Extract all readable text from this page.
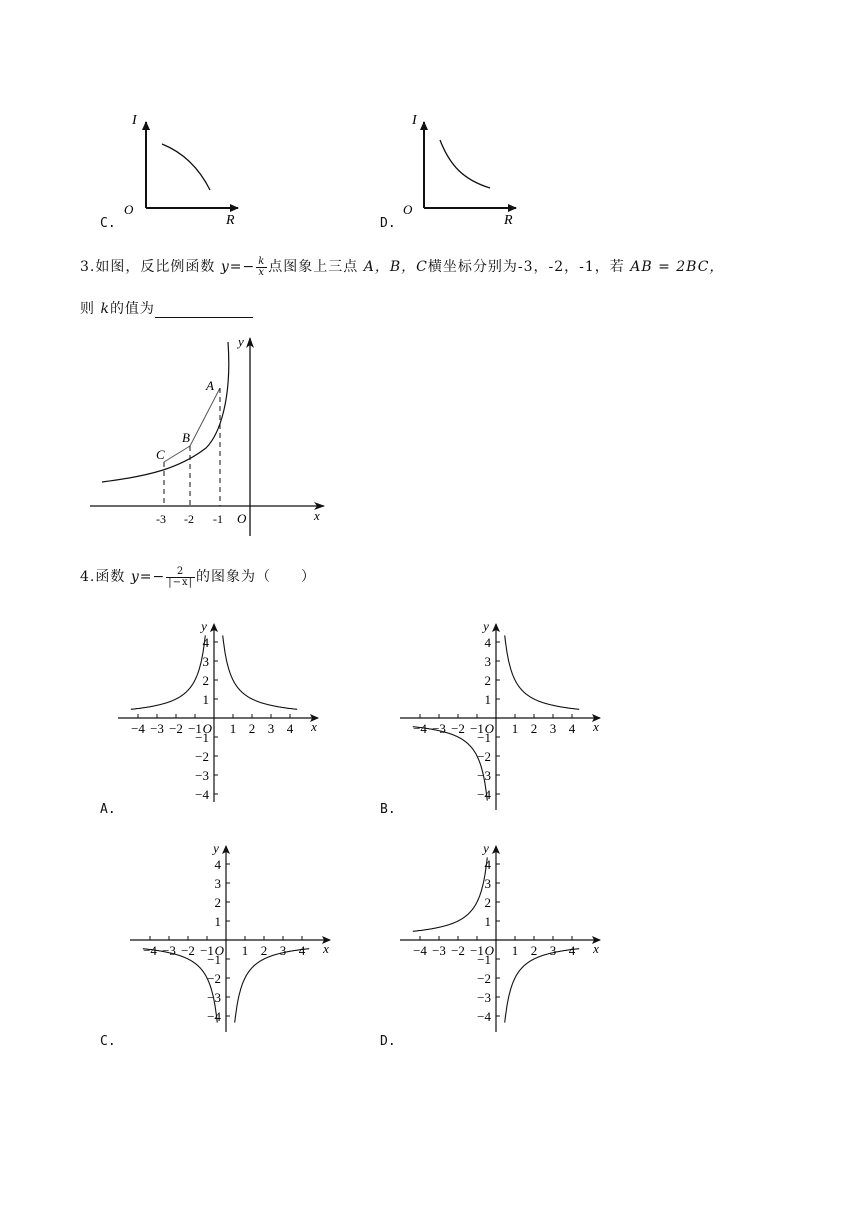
I
O
R
C.
I
O
R
D.
3.如图，反比例函数 $y=- \frac{k}{x}$ 点图象上三点 A，B，C横坐标分别为-3，-2，-1，若 AB = 2BC，
则 k的值为
A
B
C
-3 -2 -1 O	x
y
4.函数 $y=- \frac{2}{|-x|}$ 的图象为（　　）
−4 −3 −2 −1 1 2 3 4
4
3
2
1
−1
−2
−3
−4
O	x
y
A.
−4 −3 −2 −1 1 2 3 4
4
3
2
1
−1
−2
−3
−4
O	x
y
B.
−4 −3 −2 −1 1 2 3 4
4
3
2
1
−1
−2
−3
−4
O	x
y
C.
−4 −3 −2 −1 1 2 3 4
4
3
2
1
−1
−2
−3
−4
O	x
y
D.
